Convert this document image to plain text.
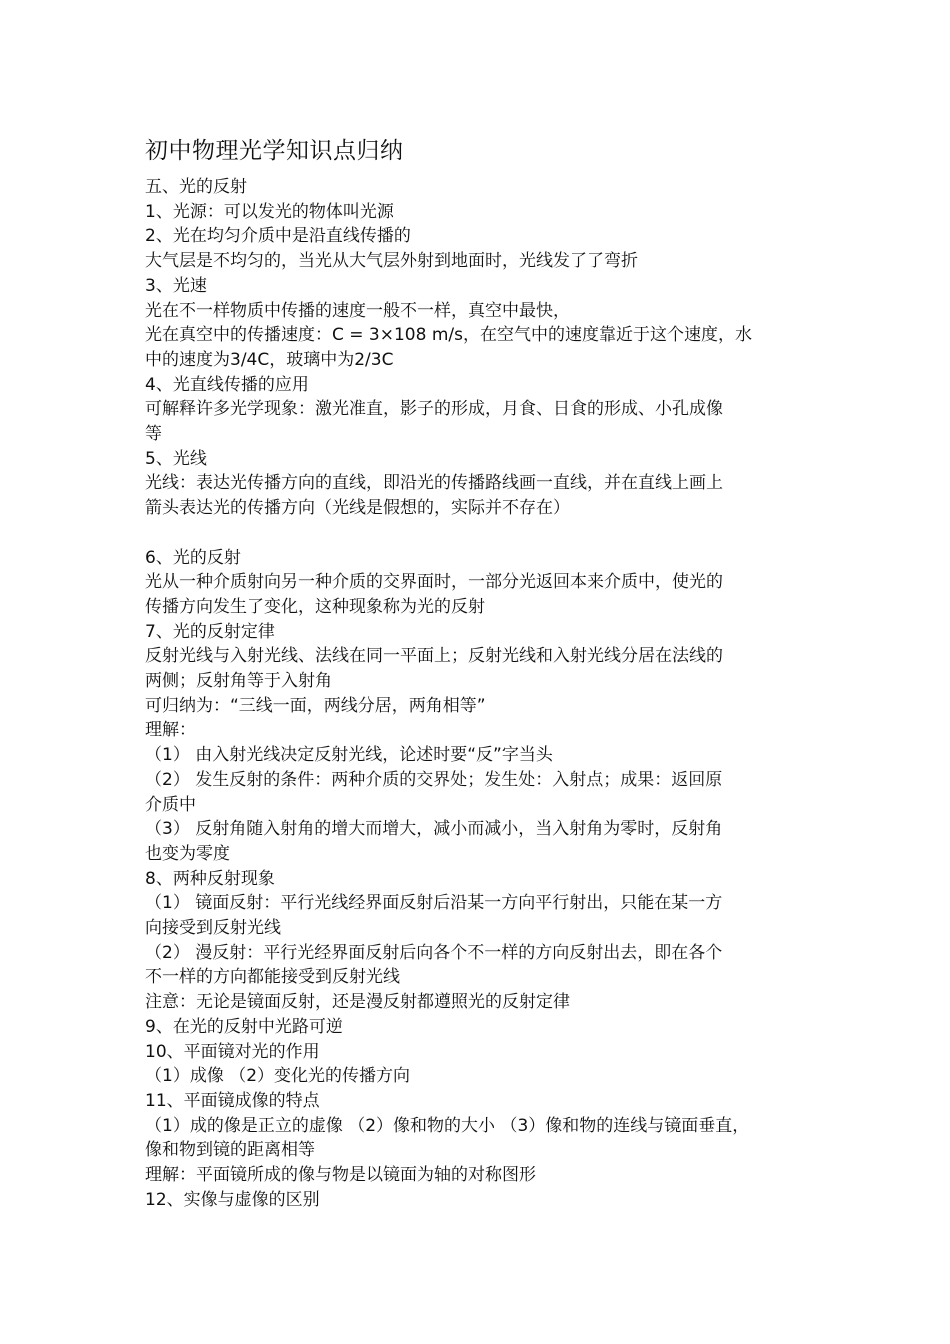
初中物理光学知识点归纳

五、光的反射

1、光源：可以发光的物体叫光源

2、光在均匀介质中是沿直线传播的

大气层是不均匀的，当光从大气层外射到地面时，光线发了了弯折

3、光速

光在不一样物质中传播的速度一般不一样，真空中最快，

光在真空中的传播速度：C = 3×108 m/s，在空气中的速度靠近于这个速度，水

中的速度为3/4C，玻璃中为2/3C

4、光直线传播的应用

可解释许多光学现象：激光准直，影子的形成，月食、日食的形成、小孔成像

等

5、光线

光线：表达光传播方向的直线，即沿光的传播路线画一直线，并在直线上画上

箭头表达光的传播方向（光线是假想的，实际并不存在）

6、光的反射

光从一种介质射向另一种介质的交界面时，一部分光返回本来介质中，使光的

传播方向发生了变化，这种现象称为光的反射

7、光的反射定律

反射光线与入射光线、法线在同一平面上；反射光线和入射光线分居在法线的

两侧；反射角等于入射角

可归纳为：“三线一面，两线分居，两角相等”

理解：

（1） 由入射光线决定反射光线，论述时要“反”字当头

（2） 发生反射的条件：两种介质的交界处；发生处：入射点；成果：返回原

介质中

（3） 反射角随入射角的增大而增大，减小而减小，当入射角为零时，反射角

也变为零度

8、两种反射现象

（1） 镜面反射：平行光线经界面反射后沿某一方向平行射出，只能在某一方

向接受到反射光线

（2） 漫反射：平行光经界面反射后向各个不一样的方向反射出去，即在各个

不一样的方向都能接受到反射光线

注意：无论是镜面反射，还是漫反射都遵照光的反射定律

9、在光的反射中光路可逆

10、平面镜对光的作用

（1）成像 （2）变化光的传播方向

11、平面镜成像的特点

（1）成的像是正立的虚像 （2）像和物的大小 （3）像和物的连线与镜面垂直，

像和物到镜的距离相等

理解：平面镜所成的像与物是以镜面为轴的对称图形

12、实像与虚像的区别
